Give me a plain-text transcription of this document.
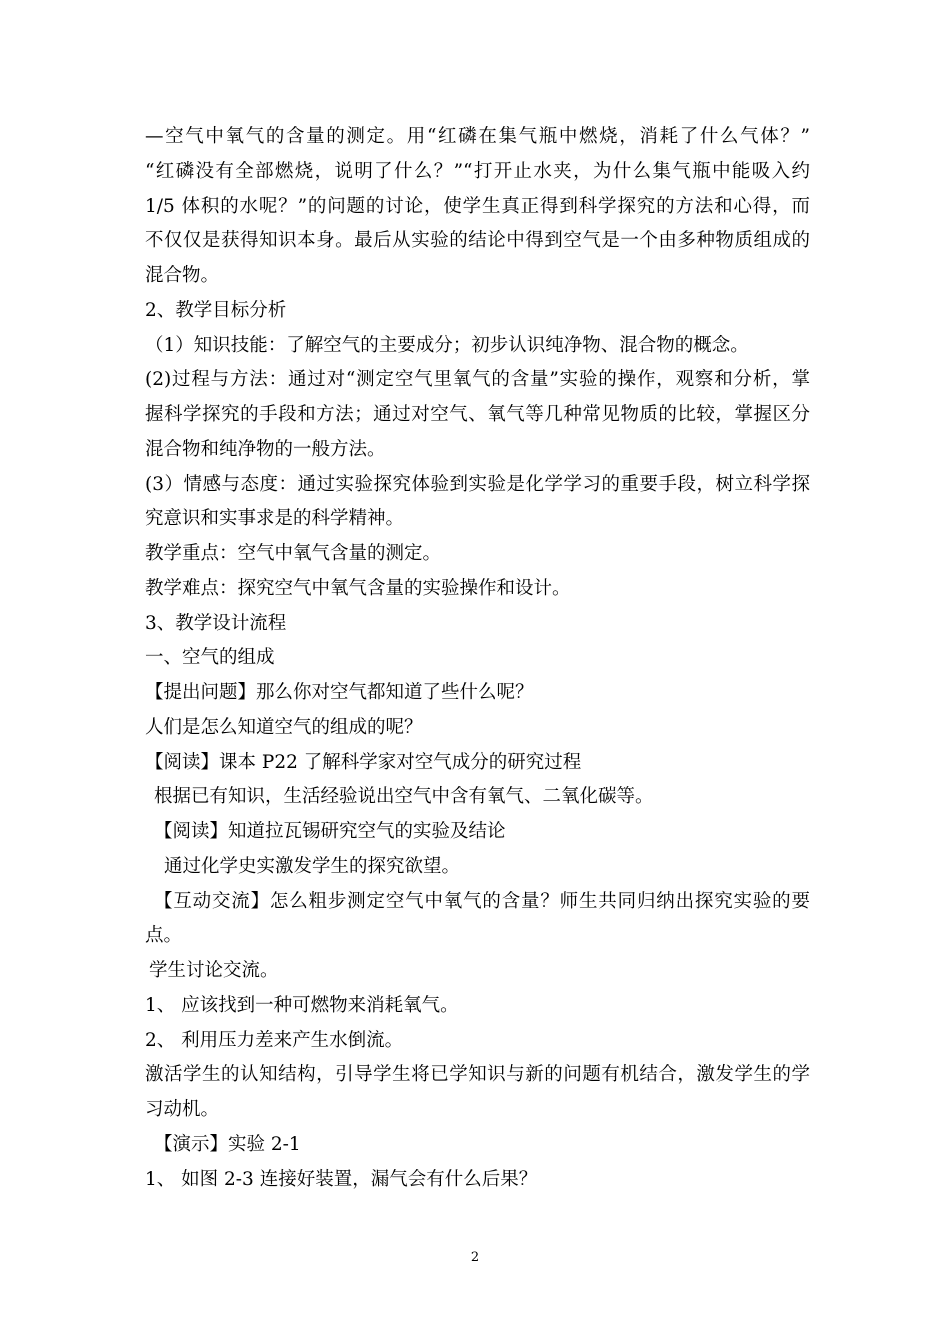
—空气中氧气的含量的测定。用“红磷在集气瓶中燃烧，消耗了什么气体？”
“红磷没有全部燃烧，说明了什么？”“打开止水夹，为什么集气瓶中能吸入约
1/5 体积的水呢？”的问题的讨论，使学生真正得到科学探究的方法和心得，而
不仅仅是获得知识本身。最后从实验的结论中得到空气是一个由多种物质组成的
混合物。
2、教学目标分析
（1）知识技能：了解空气的主要成分；初步认识纯净物、混合物的概念。
(2)过程与方法：通过对“测定空气里氧气的含量”实验的操作，观察和分析，掌
握科学探究的手段和方法；通过对空气、氧气等几种常见物质的比较，掌握区分
混合物和纯净物的一般方法。
(3）情感与态度：通过实验探究体验到实验是化学学习的重要手段，树立科学探
究意识和实事求是的科学精神。
教学重点：空气中氧气含量的测定。
教学难点：探究空气中氧气含量的实验操作和设计。
3、教学设计流程
一、空气的组成
【提出问题】那么你对空气都知道了些什么呢？
人们是怎么知道空气的组成的呢？
【阅读】课本 P22 了解科学家对空气成分的研究过程
根据已有知识，生活经验说出空气中含有氧气、二氧化碳等。
【阅读】知道拉瓦锡研究空气的实验及结论
通过化学史实激发学生的探究欲望。
【互动交流】怎么粗步测定空气中氧气的含量？师生共同归纳出探究实验的要
点。
学生讨论交流。
1、 应该找到一种可燃物来消耗氧气。
2、 利用压力差来产生水倒流。
激活学生的认知结构，引导学生将已学知识与新的问题有机结合，激发学生的学
习动机。
【演示】实验 2-1
1、 如图 2-3 连接好装置，漏气会有什么后果？
2
